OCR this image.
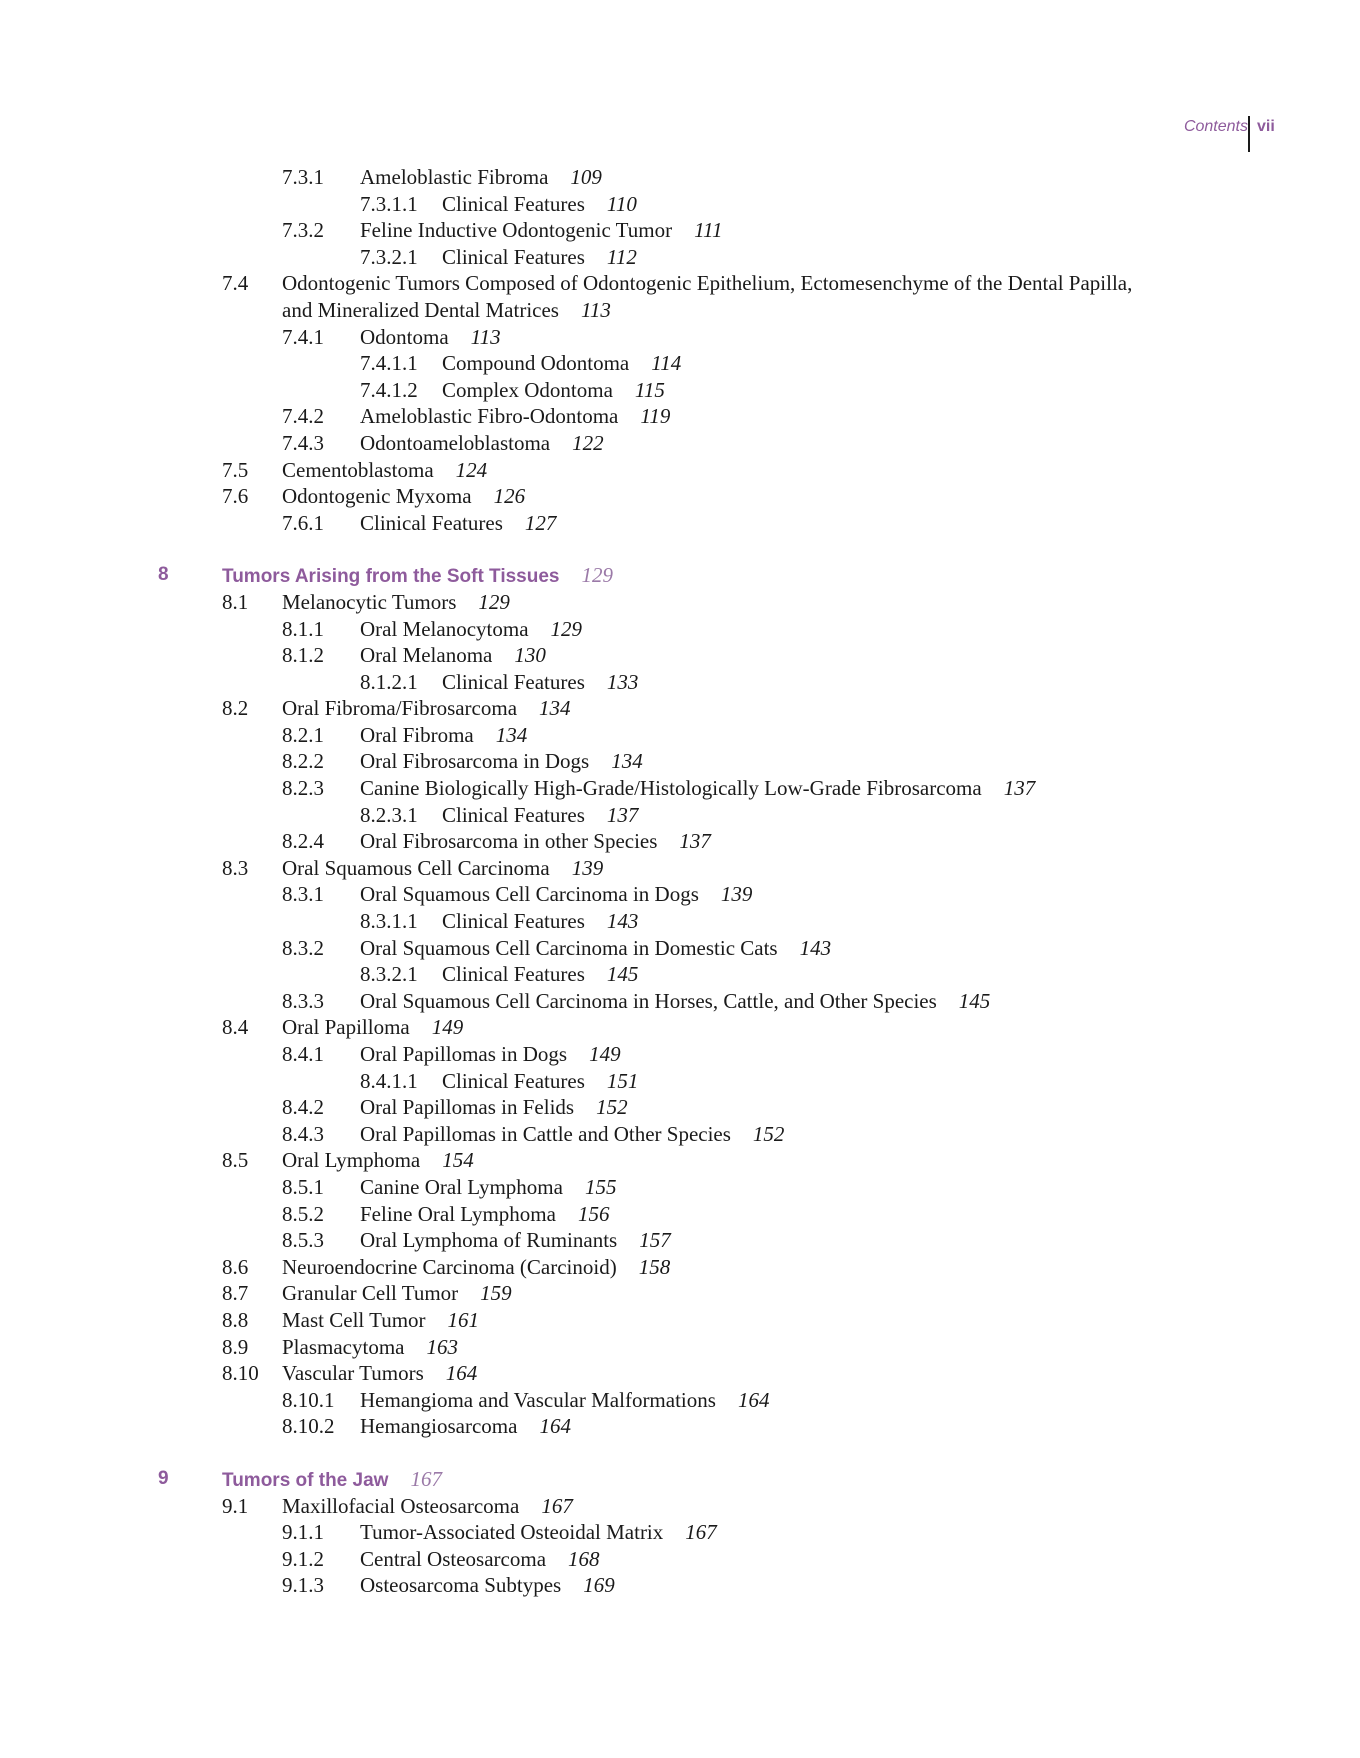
Contents vii
7.3.1 Ameloblastic Fibroma 109
7.3.1.1 Clinical Features 110
7.3.2 Feline Inductive Odontogenic Tumor 111
7.3.2.1 Clinical Features 112
7.4 Odontogenic Tumors Composed of Odontogenic Epithelium, Ectomesenchyme of the Dental Papilla,
and Mineralized Dental Matrices 113
7.4.1 Odontoma 113
7.4.1.1 Compound Odontoma 114
7.4.1.2 Complex Odontoma 115
7.4.2 Ameloblastic Fibro-Odontoma 119
7.4.3 Odontoameloblastoma 122
7.5 Cementoblastoma 124
7.6 Odontogenic Myxoma 126
7.6.1 Clinical Features 127
8	Tumors Arising from the Soft Tissues 129
8.1 Melanocytic Tumors 129
8.1.1 Oral Melanocytoma 129
8.1.2 Oral Melanoma 130
8.1.2.1 Clinical Features 133
8.2 Oral Fibroma/Fibrosarcoma 134
8.2.1 Oral Fibroma 134
8.2.2 Oral Fibrosarcoma in Dogs 134
8.2.3 Canine Biologically High-Grade/Histologically Low-Grade Fibrosarcoma 137
8.2.3.1 Clinical Features 137
8.2.4 Oral Fibrosarcoma in other Species 137
8.3 Oral Squamous Cell Carcinoma 139
8.3.1 Oral Squamous Cell Carcinoma in Dogs 139
8.3.1.1 Clinical Features 143
8.3.2 Oral Squamous Cell Carcinoma in Domestic Cats 143
8.3.2.1 Clinical Features 145
8.3.3 Oral Squamous Cell Carcinoma in Horses, Cattle, and Other Species 145
8.4 Oral Papilloma 149
8.4.1 Oral Papillomas in Dogs 149
8.4.1.1 Clinical Features 151
8.4.2 Oral Papillomas in Felids 152
8.4.3 Oral Papillomas in Cattle and Other Species 152
8.5 Oral Lymphoma 154
8.5.1 Canine Oral Lymphoma 155
8.5.2 Feline Oral Lymphoma 156
8.5.3 Oral Lymphoma of Ruminants 157
8.6 Neuroendocrine Carcinoma (Carcinoid) 158
8.7 Granular Cell Tumor 159
8.8 Mast Cell Tumor 161
8.9 Plasmacytoma 163
8.10 Vascular Tumors 164
8.10.1 Hemangioma and Vascular Malformations 164
8.10.2 Hemangiosarcoma 164
9	Tumors of the Jaw 167
9.1 Maxillofacial Osteosarcoma 167
9.1.1 Tumor-Associated Osteoidal Matrix 167
9.1.2 Central Osteosarcoma 168
9.1.3 Osteosarcoma Subtypes 169
